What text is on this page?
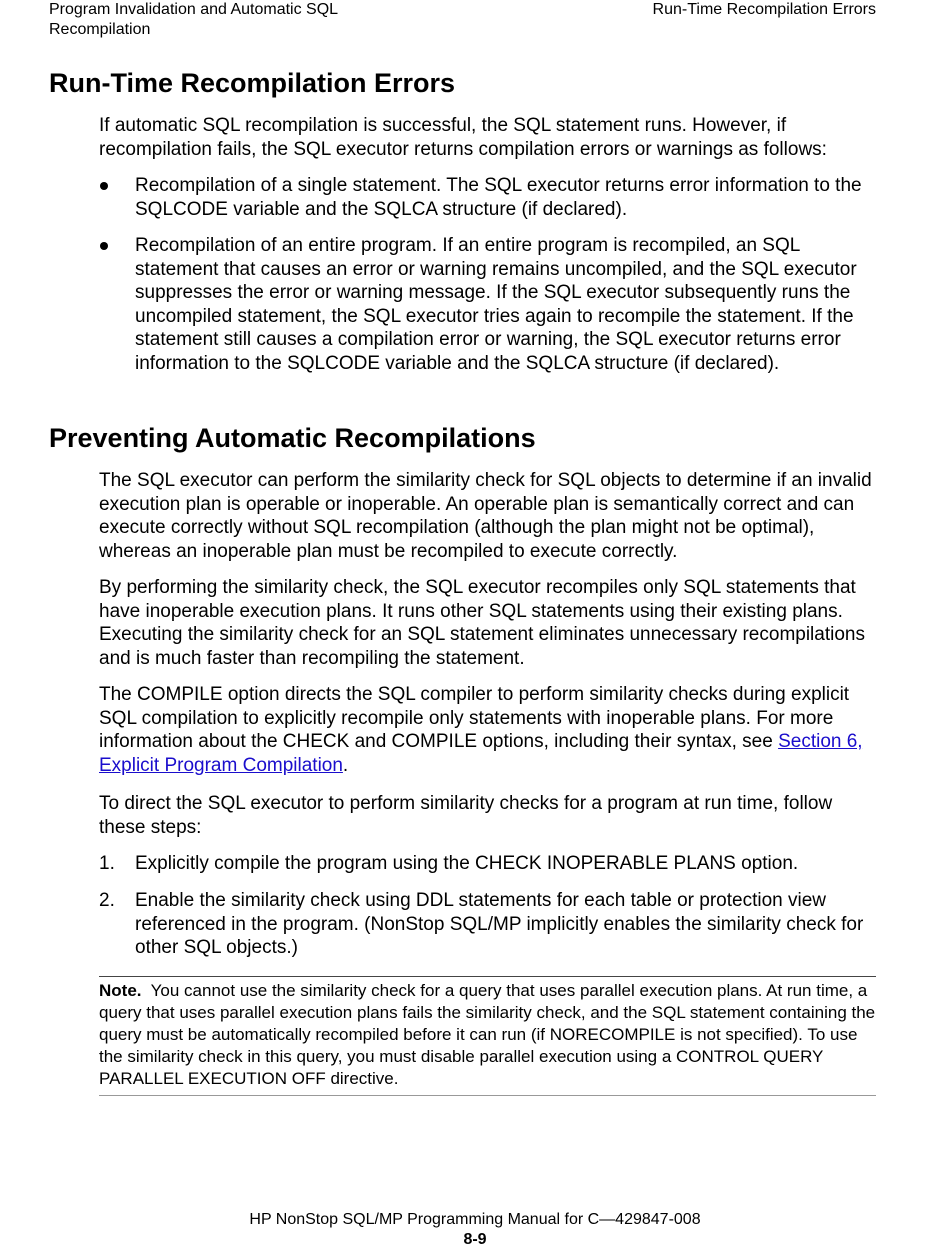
Program Invalidation and Automatic SQL Recompilation
Run-Time Recompilation Errors
Run-Time Recompilation Errors

If automatic SQL recompilation is successful, the SQL statement runs. However, if recompilation fails, the SQL executor returns compilation errors or warnings as follows:

Recompilation of a single statement. The SQL executor returns error information to the SQLCODE variable and the SQLCA structure (if declared).
Recompilation of an entire program. If an entire program is recompiled, an SQL statement that causes an error or warning remains uncompiled, and the SQL executor suppresses the error or warning message. If the SQL executor subsequently runs the uncompiled statement, the SQL executor tries again to recompile the statement. If the statement still causes a compilation error or warning, the SQL executor returns error information to the SQLCODE variable and the SQLCA structure (if declared).
Preventing Automatic Recompilations

The SQL executor can perform the similarity check for SQL objects to determine if an invalid execution plan is operable or inoperable. An operable plan is semantically correct and can execute correctly without SQL recompilation (although the plan might not be optimal), whereas an inoperable plan must be recompiled to execute correctly.

By performing the similarity check, the SQL executor recompiles only SQL statements that have inoperable execution plans. It runs other SQL statements using their existing plans. Executing the similarity check for an SQL statement eliminates unnecessary recompilations and is much faster than recompiling the statement.

The COMPILE option directs the SQL compiler to perform similarity checks during explicit SQL compilation to explicitly recompile only statements with inoperable plans. For more information about the CHECK and COMPILE options, including their syntax, see Section 6, Explicit Program Compilation.

To direct the SQL executor to perform similarity checks for a program at run time, follow these steps:

1.	Explicitly compile the program using the CHECK INOPERABLE PLANS option.
2.	Enable the similarity check using DDL statements for each table or protection view referenced in the program. (NonStop SQL/MP implicitly enables the similarity check for other SQL objects.)
Note. You cannot use the similarity check for a query that uses parallel execution plans. At run time, a query that uses parallel execution plans fails the similarity check, and the SQL statement containing the query must be automatically recompiled before it can run (if NORECOMPILE is not specified). To use the similarity check in this query, you must disable parallel execution using a CONTROL QUERY PARALLEL EXECUTION OFF directive.
HP NonStop SQL/MP Programming Manual for C—429847-008
8-9
